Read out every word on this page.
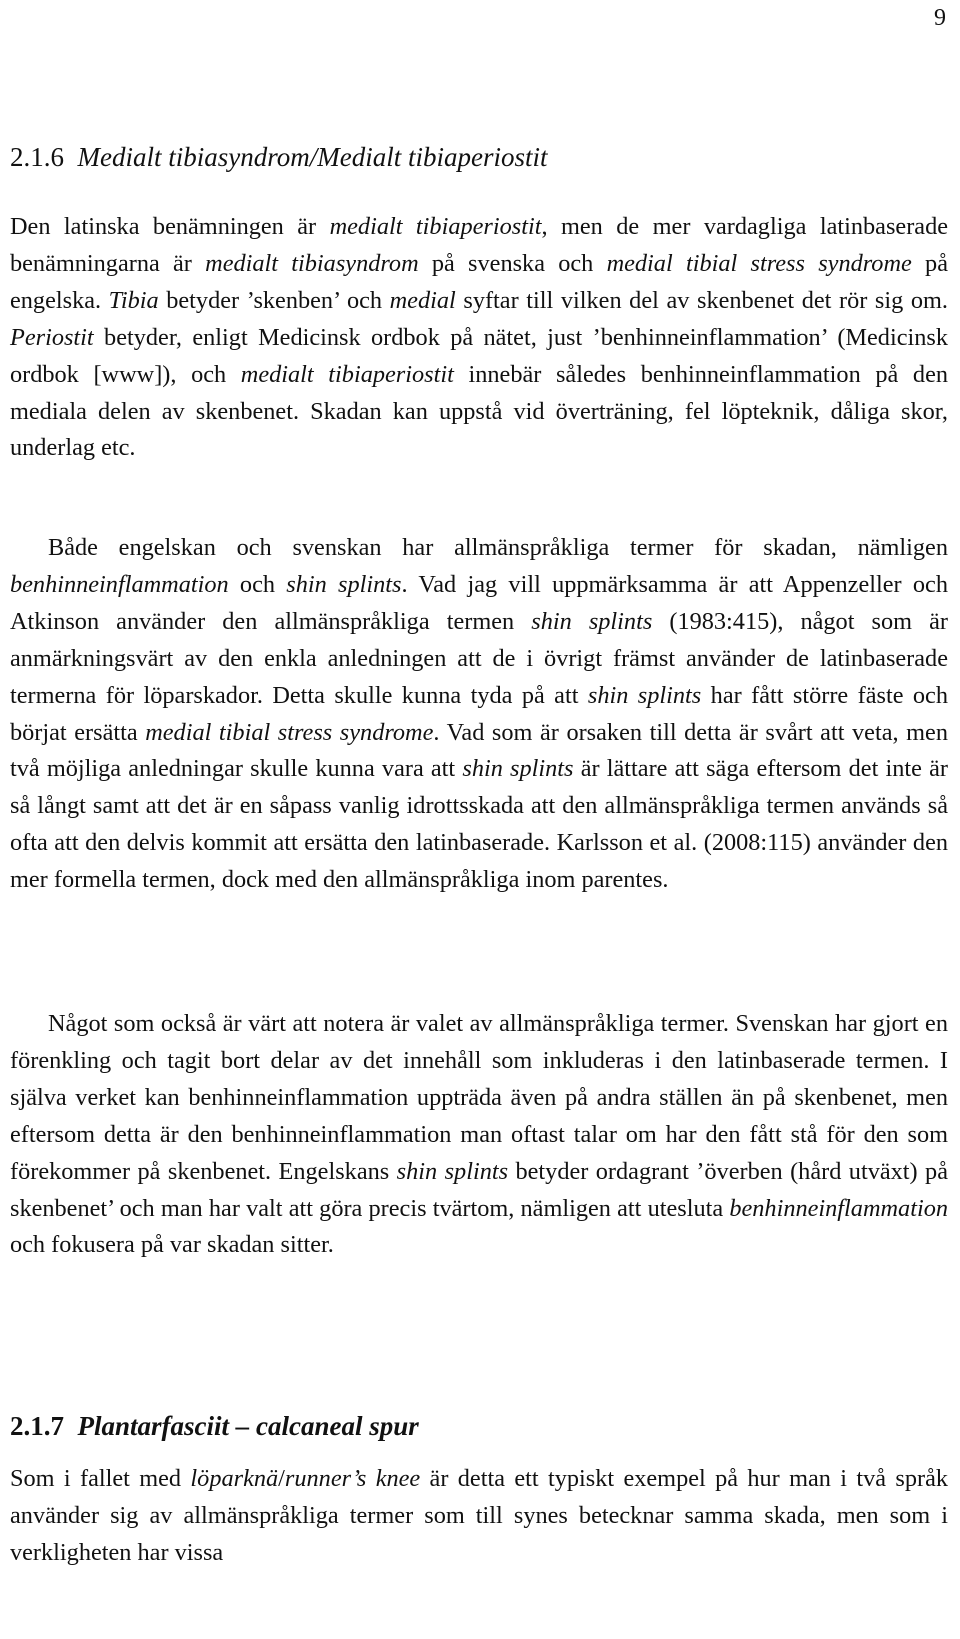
9
2.1.6 Medialt tibiasyndrom/Medialt tibiaperiostit

Den latinska benämningen är medialt tibiaperiostit, men de mer vardagliga latinbaserade benämningarna är medialt tibiasyndrom på svenska och medial tibial stress syndrome på engelska. Tibia betyder ’skenben’ och medial syftar till vilken del av skenbenet det rör sig om. Periostit betyder, enligt Medicinsk ordbok på nätet, just ’benhinneinflammation’ (Medicinsk ordbok [www]), och medialt tibiaperiostit innebär således benhinneinflammation på den mediala delen av skenbenet. Skadan kan uppstå vid överträning, fel löpteknik, dåliga skor, underlag etc.

Både engelskan och svenskan har allmänspråkliga termer för skadan, nämligen benhinneinflammation och shin splints. Vad jag vill uppmärksamma är att Appenzeller och Atkinson använder den allmänspråkliga termen shin splints (1983:415), något som är anmärkningsvärt av den enkla anledningen att de i övrigt främst använder de latinbaserade termerna för löparskador. Detta skulle kunna tyda på att shin splints har fått större fäste och börjat ersätta medial tibial stress syndrome. Vad som är orsaken till detta är svårt att veta, men två möjliga anledningar skulle kunna vara att shin splints är lättare att säga eftersom det inte är så långt samt att det är en såpass vanlig idrottsskada att den allmänspråkliga termen används så ofta att den delvis kommit att ersätta den latinbaserade. Karlsson et al. (2008:115) använder den mer formella termen, dock med den allmänspråkliga inom parentes.

Något som också är värt att notera är valet av allmänspråkliga termer. Svenskan har gjort en förenkling och tagit bort delar av det innehåll som inkluderas i den latinbaserade termen. I själva verket kan benhinneinflammation uppträda även på andra ställen än på skenbenet, men eftersom detta är den benhinneinflammation man oftast talar om har den fått stå för den som förekommer på skenbenet. Engelskans shin splints betyder ordagrant ’överben (hård utväxt) på skenbenet’ och man har valt att göra precis tvärtom, nämligen att utesluta benhinneinflammation och fokusera på var skadan sitter.

2.1.7 Plantarfasciit – calcaneal spur

Som i fallet med löparknä/runner’s knee är detta ett typiskt exempel på hur man i två språk använder sig av allmänspråkliga termer som till synes betecknar samma skada, men som i verkligheten har vissa
